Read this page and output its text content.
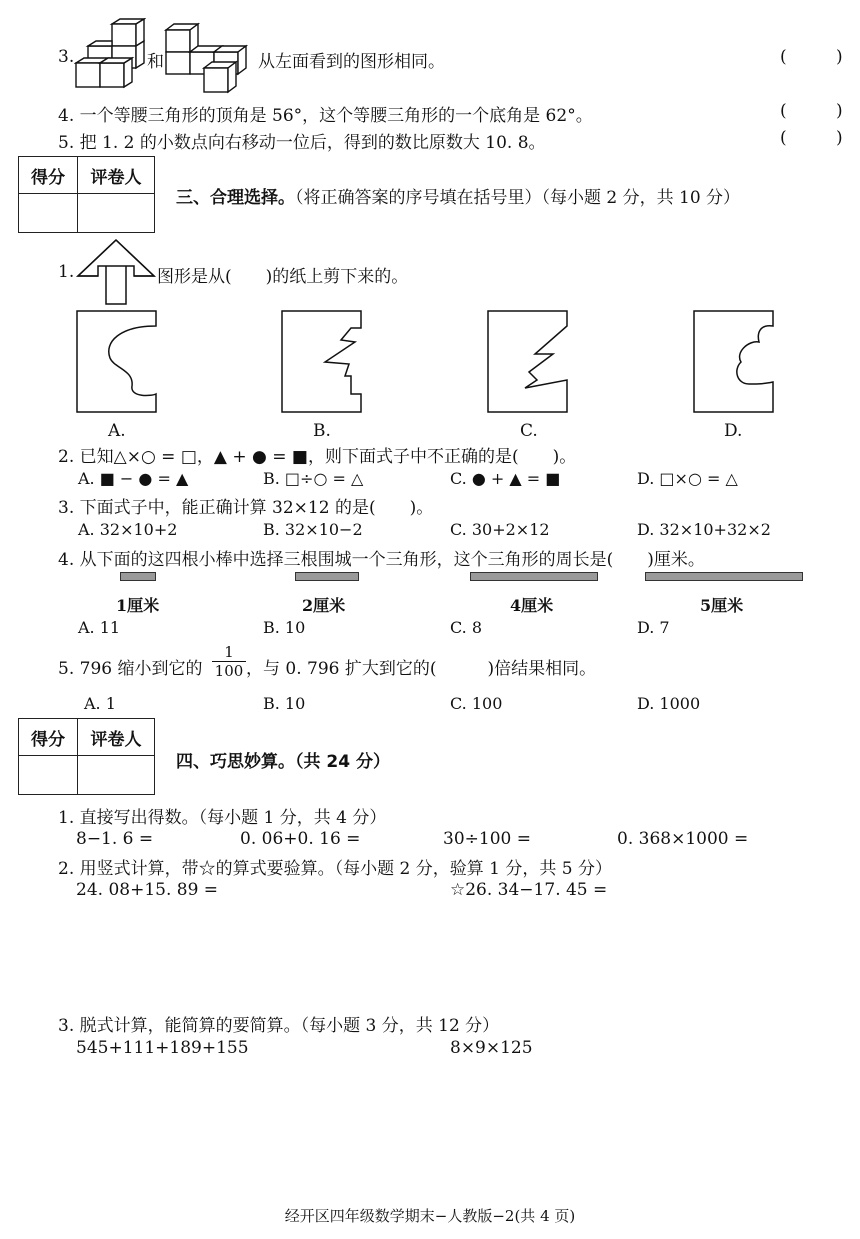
3.	和	从左面看到的图形相同。	(	)
4. 一个等腰三角形的顶角是 56°，这个等腰三角形的一个底角是 62°。	(	)
5. 把 1. 2 的小数点向右移动一位后，得到的数比原数大 10. 8。	(	)
得分	评卷人

三、合理选择。（将正确答案的序号填在括号里）（每小题 2 分，共 10 分）
1.	图形是从(　　)的纸上剪下来的。
A.	B.	C.	D.
2. 已知△×○ = □，▲ + ● = ■，则下面式子中不正确的是(　　)。
A. ■ − ● = ▲	B. □÷○ = △	C. ● + ▲ = ■	D. □×○ = △
3. 下面式子中，能正确计算 32×12 的是(　　)。
A. 32×10+2	B. 32×10−2	C. 30+2×12	D. 32×10+32×2
4. 从下面的这四根小棒中选择三根围城一个三角形，这个三角形的周长是(　　)厘米。
1厘米	2厘米	4厘米	5厘米
A. 11	B. 10	C. 8	D. 7
5. 796 缩小到它的 $\frac{1}{100}$ ，与 0. 796 扩大到它的(　　　)倍结果相同。
A. 1	B. 10	C. 100	D. 1000
得分	评卷人

四、巧思妙算。（共 24 分）
1. 直接写出得数。（每小题 1 分，共 4 分）
8−1. 6 =	0. 06+0. 16 =	30÷100 =	0. 368×1000 =
2. 用竖式计算，带☆的算式要验算。（每小题 2 分，验算 1 分，共 5 分）
24. 08+15. 89 =	☆26. 34−17. 45 =
3. 脱式计算，能简算的要简算。（每小题 3 分，共 12 分）
545+111+189+155	8×9×125
经开区四年级数学期末−人教版−2(共 4 页)
